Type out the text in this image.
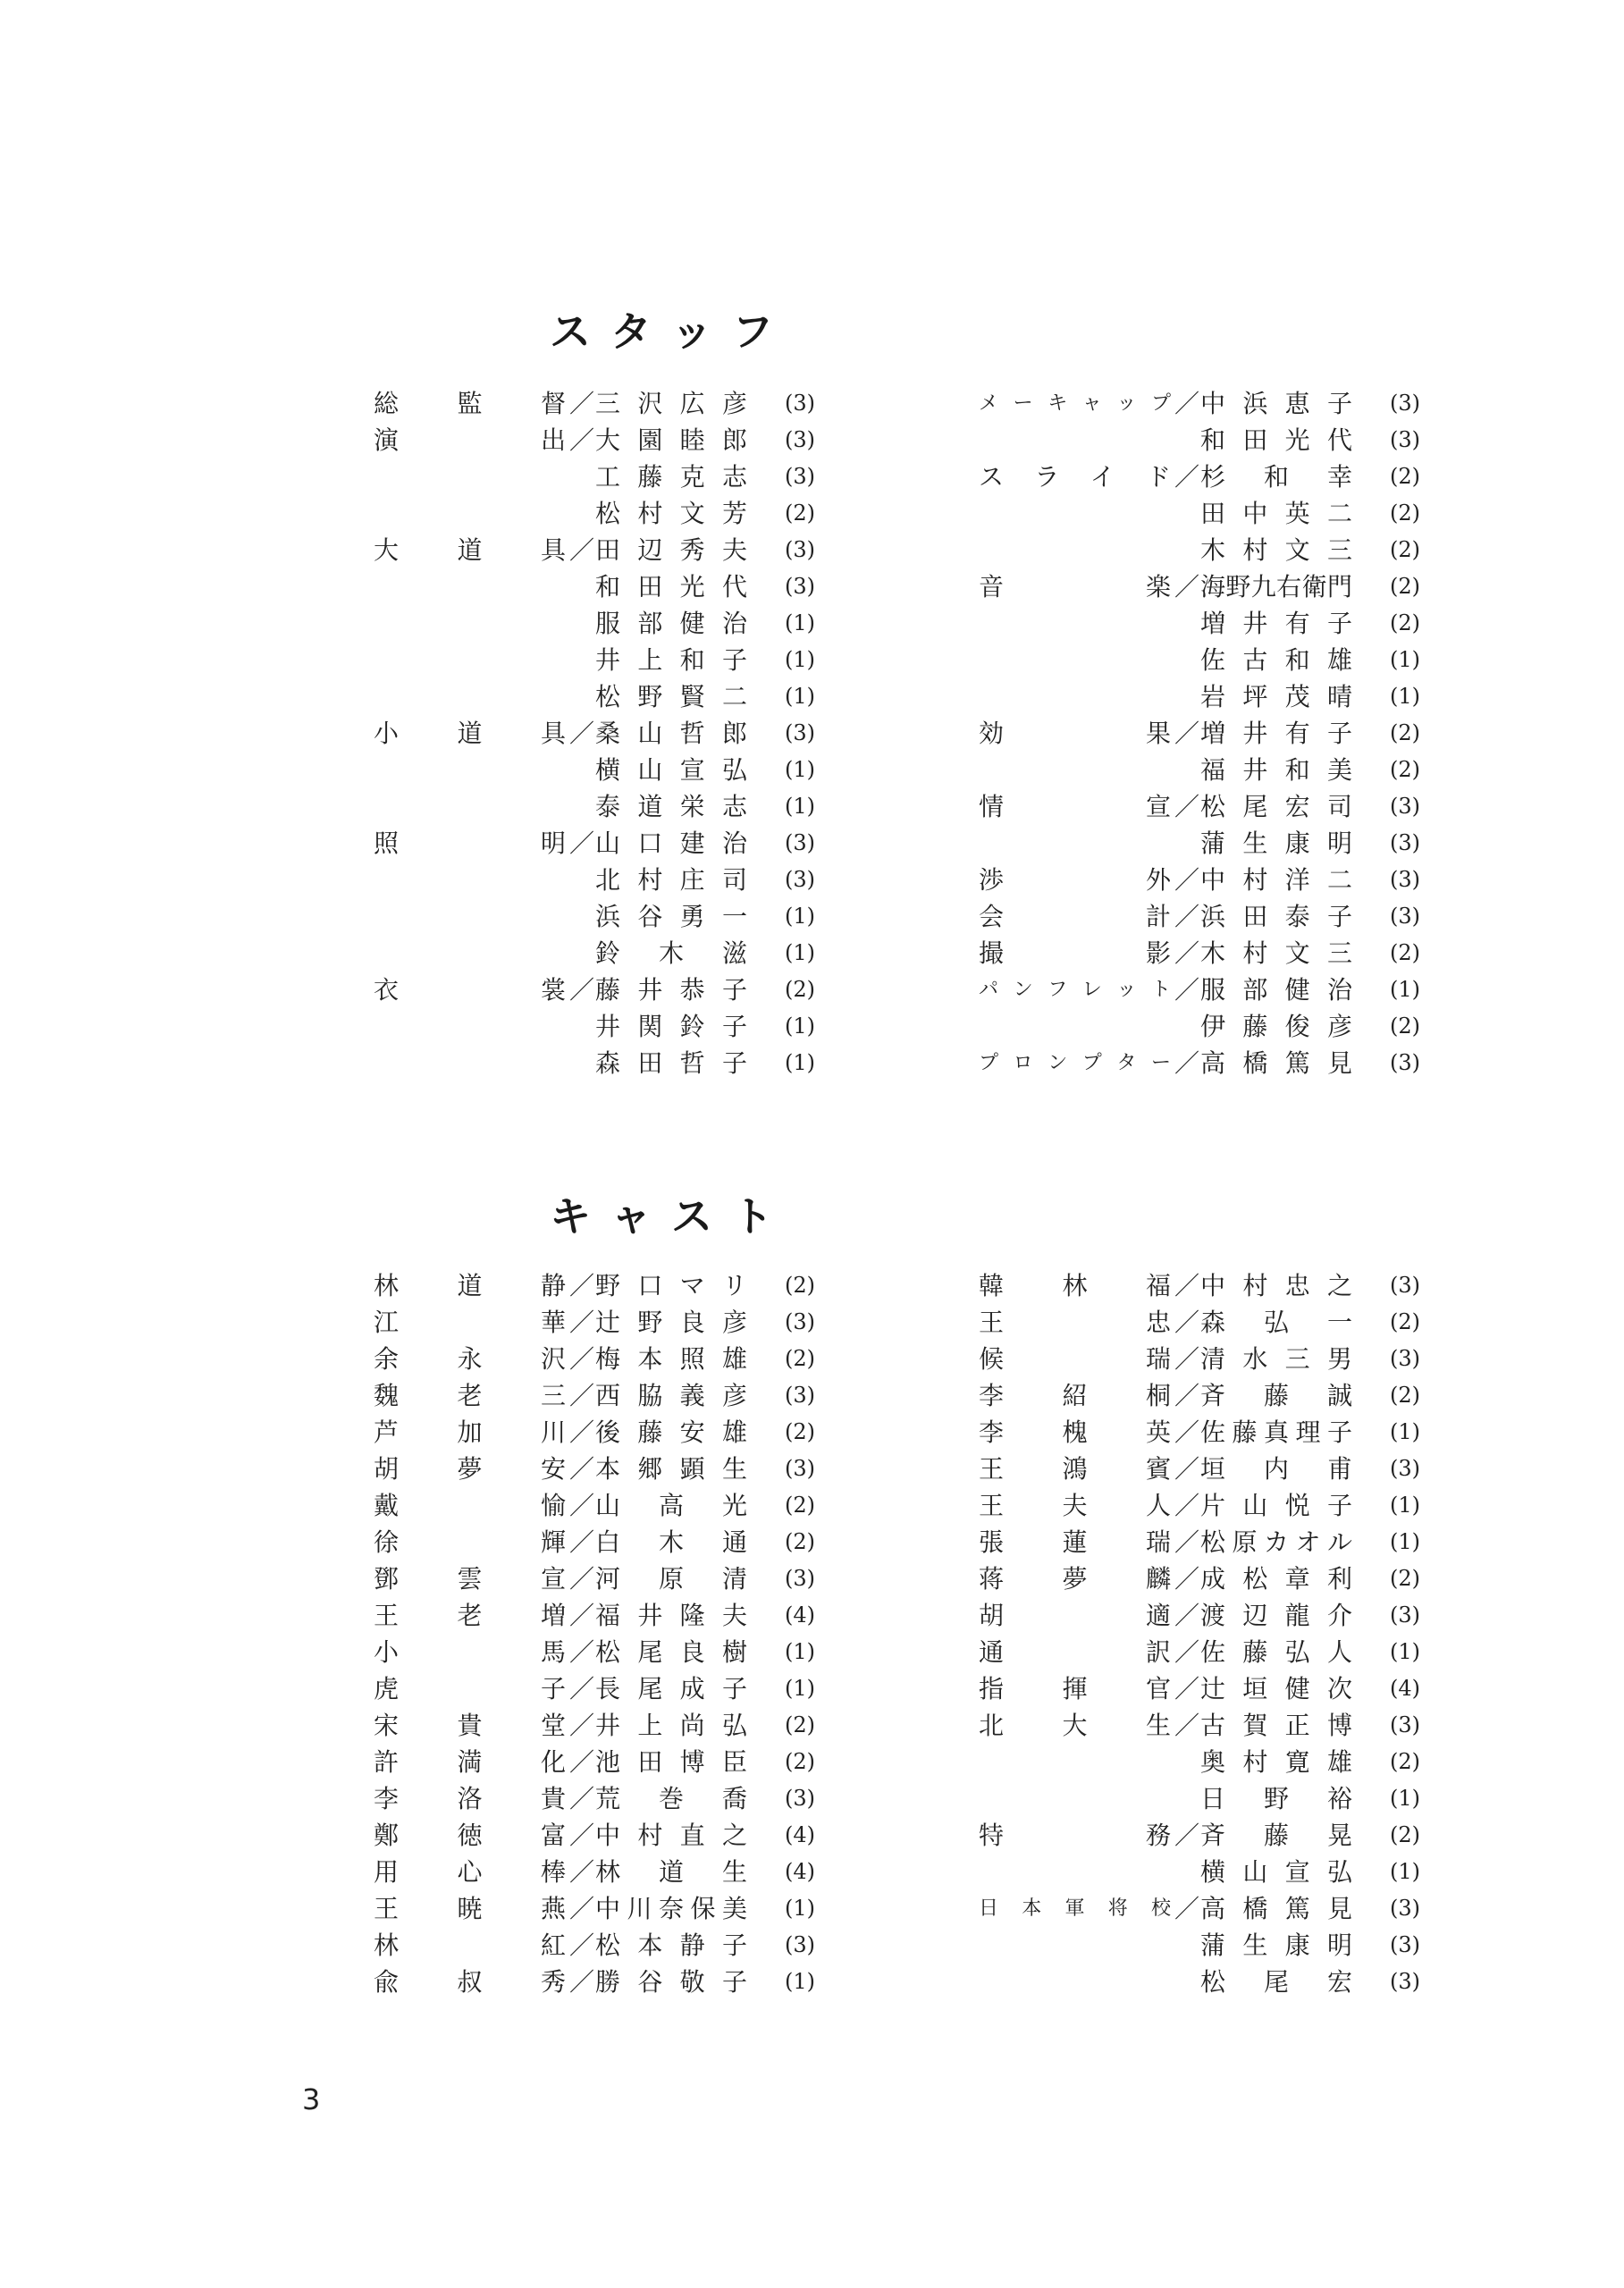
スタッフ
総 監 督 ／ 三 沢 広 彦 (3)
演	出 ／ 大 園 睦 郎 (3)
工 藤 克 志 (3)
松 村 文 芳 (2)
大 道 具 ／ 田 辺 秀 夫 (3)
和 田 光 代 (3)
服 部 健 治 (1)
井 上 和 子 (1)
松 野 賢 二 (1)
小 道 具 ／ 桑 山 哲 郎 (3)
横 山 宣 弘 (1)
泰 道 栄 志 (1)
照	明 ／ 山 口 建 治 (3)
北 村 庄 司 (3)
浜 谷 勇 一 (1)
鈴 木 滋 (1)
衣	裳 ／ 藤 井 恭 子 (2)
井 関 鈴 子 (1)
森 田 哲 子 (1)
メ ー キ ャ ッ プ ／ 中 浜 恵 子 (3)
和 田 光 代 (3)
ス ラ イ ド ／ 杉 和 幸 (2)
田 中 英 二 (2)
木 村 文 三 (2)
音	楽 ／ 海 野 九 右 衛 門 (2)
増 井 有 子 (2)
佐 古 和 雄 (1)
岩 坪 茂 晴 (1)
効	果 ／ 増 井 有 子 (2)
福 井 和 美 (2)
情	宣 ／ 松 尾 宏 司 (3)
蒲 生 康 明 (3)
渉	外 ／ 中 村 洋 二 (3)
会	計 ／ 浜 田 泰 子 (3)
撮	影 ／ 木 村 文 三 (2)
パ ン フ レ ッ ト ／ 服 部 健 治 (1)
伊 藤 俊 彦 (2)
プ ロ ン プ タ ー ／ 高 橋 篤 見 (3)
キャスト
林 道 静 ／ 野 口 マ リ (2)
江	華 ／ 辻 野 良 彦 (3)
余 永 沢 ／ 梅 本 照 雄 (2)
魏 老 三 ／ 西 脇 義 彦 (3)
芦 加 川 ／ 後 藤 安 雄 (2)
胡 夢 安 ／ 本 郷 顕 生 (3)
戴	愉 ／ 山 高 光 (2)
徐	輝 ／ 白 木 通 (2)
鄧 雲 宣 ／ 河 原 清 (3)
王 老 増 ／ 福 井 隆 夫 (4)
小	馬 ／ 松 尾 良 樹 (1)
虎	子 ／ 長 尾 成 子 (1)
宋 貴 堂 ／ 井 上 尚 弘 (2)
許 満 化 ／ 池 田 博 臣 (2)
李 洛 貴 ／ 荒 巻 喬 (3)
鄭 徳 富 ／ 中 村 直 之 (4)
用 心 棒 ／ 林 道 生 (4)
王 暁 燕 ／ 中 川 奈 保 美 (1)
林	紅 ／ 松 本 静 子 (3)
兪 叔 秀 ／ 勝 谷 敬 子 (1)
韓 林 福 ／ 中 村 忠 之 (3)
王	忠 ／ 森 弘 一 (2)
候	瑞 ／ 清 水 三 男 (3)
李 紹 桐 ／ 斉 藤 誠 (2)
李 槐 英 ／ 佐 藤 真 理 子 (1)
王 鴻 賓 ／ 垣 内 甫 (3)
王 夫 人 ／ 片 山 悦 子 (1)
張 蓮 瑞 ／ 松 原 カ オ ル (1)
蒋 夢 麟 ／ 成 松 章 利 (2)
胡	適 ／ 渡 辺 龍 介 (3)
通	訳 ／ 佐 藤 弘 人 (1)
指 揮 官 ／ 辻 垣 健 次 (4)
北 大 生 ／ 古 賀 正 博 (3)
奥 村 寛 雄 (2)
日 野 裕 (1)
特	務 ／ 斉 藤 晃 (2)
横 山 宣 弘 (1)
日 本 軍 将 校 ／ 高 橋 篤 見 (3)
蒲 生 康 明 (3)
松 尾 宏 (3)
3
